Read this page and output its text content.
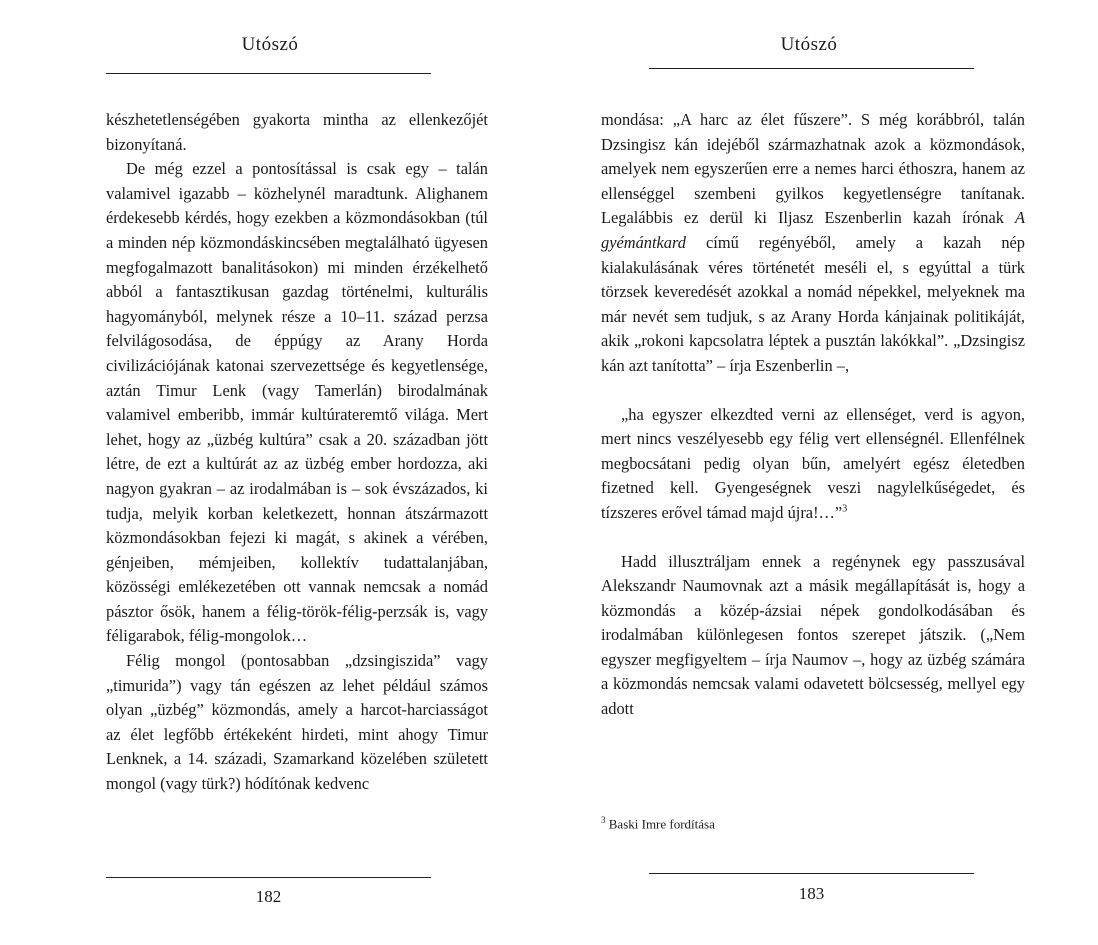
Utószó

készhetetlenségében gyakorta mintha az ellenkezőjét bizonyítaná.

De még ezzel a pontosítással is csak egy – talán valamivel igazabb – közhelynél maradtunk. Alighanem érdekesebb kérdés, hogy ezekben a közmondásokban (túl a minden nép közmondáskincsében megtalálható ügyesen megfogalmazott banalitásokon) mi minden érzékelhető abból a fantasztikusan gazdag történelmi, kulturális hagyományból, melynek része a 10–11. század perzsa felvilágosodása, de éppúgy az Arany Horda civilizációjának katonai szervezettsége és kegyetlensége, aztán Timur Lenk (vagy Tamerlán) birodalmának valamivel emberibb, immár kultúrateremtő világa. Mert lehet, hogy az „üzbég kultúra” csak a 20. században jött létre, de ezt a kultúrát az az üzbég ember hordozza, aki nagyon gyakran – az irodalmában is – sok évszázados, ki tudja, melyik korban keletkezett, honnan átszármazott közmondásokban fejezi ki magát, s akinek a vérében, génjeiben, mémjeiben, kollektív tudattalanjában, közösségi emlékezetében ott vannak nemcsak a nomád pásztor ősök, hanem a félig-török-félig-perzsák is, vagy féligarabok, félig-mongolok…

Félig mongol (pontosabban „dzsingiszida” vagy „timurida”) vagy tán egészen az lehet például számos olyan „üzbég” közmondás, amely a harcot-harciasságot az élet legfőbb értékeként hirdeti, mint ahogy Timur Lenknek, a 14. századi, Szamarkand közelében született mongol (vagy türk?) hódítónak kedvenc

182
Utószó

mondása: „A harc az élet fűszere”. S még korábbról, talán Dzsingisz kán idejéből származhatnak azok a közmondások, amelyek nem egyszerűen erre a nemes harci éthoszra, hanem az ellenséggel szembeni gyilkos kegyetlenségre tanítanak. Legalábbis ez derül ki Iljasz Eszenberlin kazah írónak A gyémántkard című regényéből, amely a kazah nép kialakulásának véres történetét meséli el, s egyúttal a türk törzsek keveredését azokkal a nomád népekkel, melyeknek ma már nevét sem tudjuk, s az Arany Horda kánjainak politikáját, akik „rokoni kapcsolatra léptek a pusztán lakókkal”. „Dzsingisz kán azt tanította” – írja Eszenberlin –,

„ha egyszer elkezdted verni az ellenséget, verd is agyon, mert nincs veszélyesebb egy félig vert ellenségnél. Ellenfélnek megbocsátani pedig olyan bűn, amelyért egész életedben fizetned kell. Gyengeségnek veszi nagylelkűségedet, és tízszeres erővel támad majd újra!…”$^3$

Hadd illusztráljam ennek a regénynek egy passzusával Alekszandr Naumovnak azt a másik megállapítását is, hogy a közmondás a közép-ázsiai népek gondolkodásában és irodalmában különlegesen fontos szerepet játszik. („Nem egyszer megfigyeltem – írja Naumov –, hogy az üzbég számára a közmondás nemcsak valami odavetett bölcsesség, mellyel egy adott

$^3$ Baski Imre fordítása
183
